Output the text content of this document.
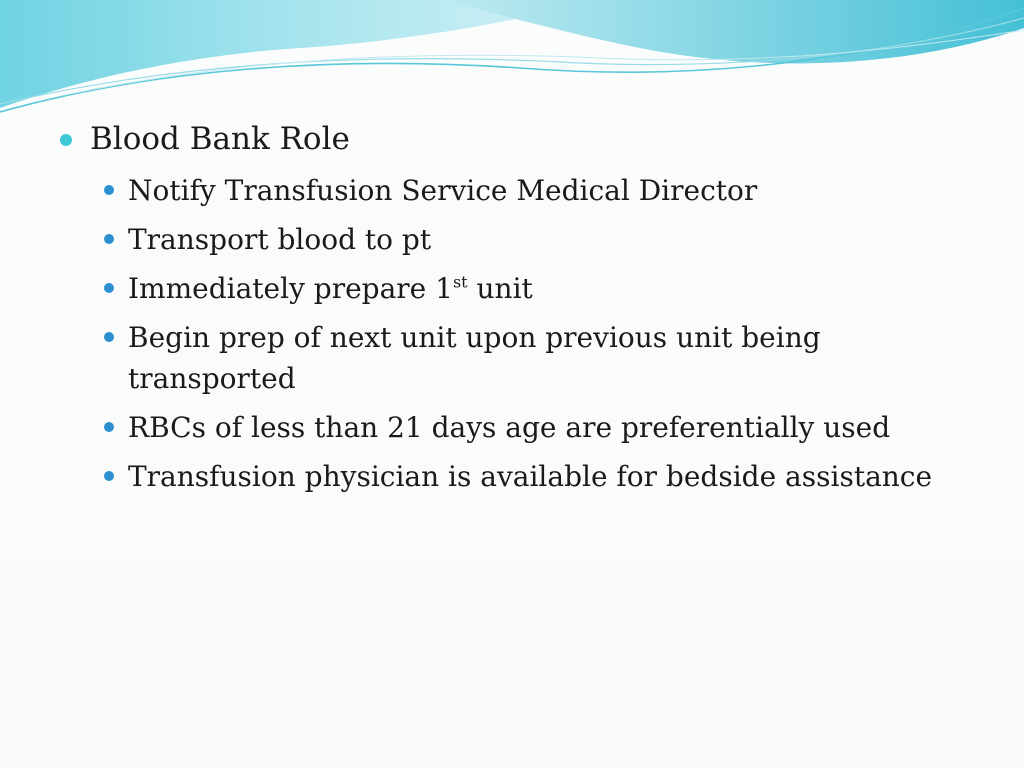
Blood Bank Role
Notify Transfusion Service Medical Director
Transport blood to pt
Immediately prepare 1st unit
Begin prep of next unit upon previous unit being transported
RBCs of less than 21 days age are preferentially used
Transfusion physician is available for bedside assistance
